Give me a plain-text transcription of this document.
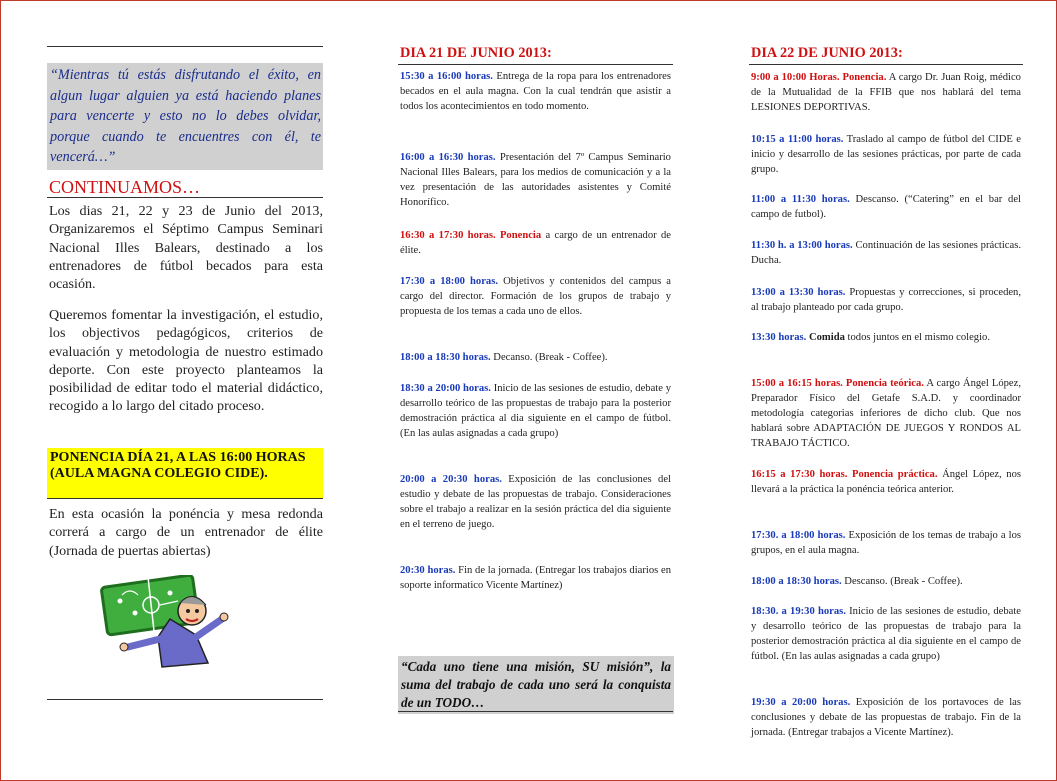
“Mientras tú estás disfrutando el éxito, en algun lugar alguien ya está haciendo planes para vencerte y esto no lo debes olvidar, porque cuando te encuentres con él, te vencerá…”
CONTINUAMOS…
Los dias 21, 22 y 23 de Junio del 2013, Organizaremos el Séptimo Campus Seminari Nacional Illes Balears, destinado a los entrenadores de fútbol becados para esta ocasión.
Queremos fomentar la investigación, el estudio, los objectivos pedagógicos, criterios de evaluación y metodologia de nuestro estimado deporte. Con este proyecto planteamos la posibilidad de editar todo el material didáctico, recogido a lo largo del citado proceso.
PONENCIA DÍA 21, A LAS 16:00 HORAS (AULA MAGNA COLEGIO CIDE).
En esta ocasión la ponéncia y mesa redonda correrá a cargo de un entrenador de élite (Jornada de puertas abiertas)
DIA 21 DE JUNIO 2013:
15:30 a 16:00 horas. Entrega de la ropa para los entrenadores becados en el aula magna. Con la cual tendrán que asistir a todos los acontecimientos en todo momento.
16:00 a 16:30 horas. Presentación del 7º Campus Seminario Nacional Illes Balears, para los medios de comunicación y a la vez presentación de las autoridades asistentes y Comité Honorífico.
16:30 a 17:30 horas. Ponencia a cargo de un entrenador de élite.
17:30 a 18:00 horas. Objetivos y contenidos del campus a cargo del director. Formación de los grupos de trabajo y propuesta de los temas a cada uno de ellos.
18:00 a 18:30 horas. Decanso. (Break - Coffee).
18:30 a 20:00 horas. Inicio de las sesiones de estudio, debate y desarrollo teórico de las propuestas de trabajo para la posterior demostración práctica al dia siguiente en el campo de fútbol. (En las aulas asignadas a cada grupo)
20:00 a 20:30 horas. Exposición de las conclusiones del estudio y debate de las propuestas de trabajo. Consideraciones sobre el trabajo a realizar en la sesión práctica del dia siguiente en el terreno de juego.
20:30 horas. Fin de la jornada. (Entregar los trabajos diarios en soporte informatico Vicente Martínez)
“Cada uno tiene una misión, SU misión”, la suma del trabajo de cada uno será la conquista de un TODO…
DIA 22 DE JUNIO 2013:
9:00 a 10:00 Horas. Ponencia. A cargo Dr. Juan Roig, médico de la Mutualidad de la FFIB que nos hablará del tema LESIONES DEPORTIVAS.
10:15 a 11:00 horas. Traslado al campo de fútbol del CIDE e inicio y desarrollo de las sesiones prácticas, por parte de cada grupo.
11:00 a 11:30 horas. Descanso. (“Catering” en el bar del campo de futbol).
11:30 h. a 13:00 horas. Continuación de las sesiones prácticas. Ducha.
13:00 a 13:30 horas. Propuestas y correcciones, si proceden, al trabajo planteado por cada grupo.
13:30 horas. Comida todos juntos en el mismo colegio.
15:00 a 16:15 horas. Ponencia teórica. A cargo Ángel López, Preparador Físico del Getafe S.A.D. y coordinador metodología categorias inferiores de dicho club. Que nos hablará sobre ADAPTACIÓN DE JUEGOS Y RONDOS AL TRABAJO TÁCTICO.
16:15 a 17:30 horas. Ponencia práctica. Ángel López, nos llevará a la práctica la ponéncia teórica anterior.
17:30. a 18:00 horas. Exposición de los temas de trabajo a los grupos, en el aula magna.
18:00 a 18:30 horas. Descanso. (Break - Coffee).
18:30. a 19:30 horas. Inicio de las sesiones de estudio, debate y desarrollo teórico de las propuestas de trabajo para la posterior demostración práctica al dia siguiente en el campo de fútbol. (En las aulas asignadas a cada grupo)
19:30 a 20:00 horas. Exposición de los portavoces de las conclusiones y debate de las propuestas de trabajo. Fin de la jornada. (Entregar trabajos a Vicente Martínez).
